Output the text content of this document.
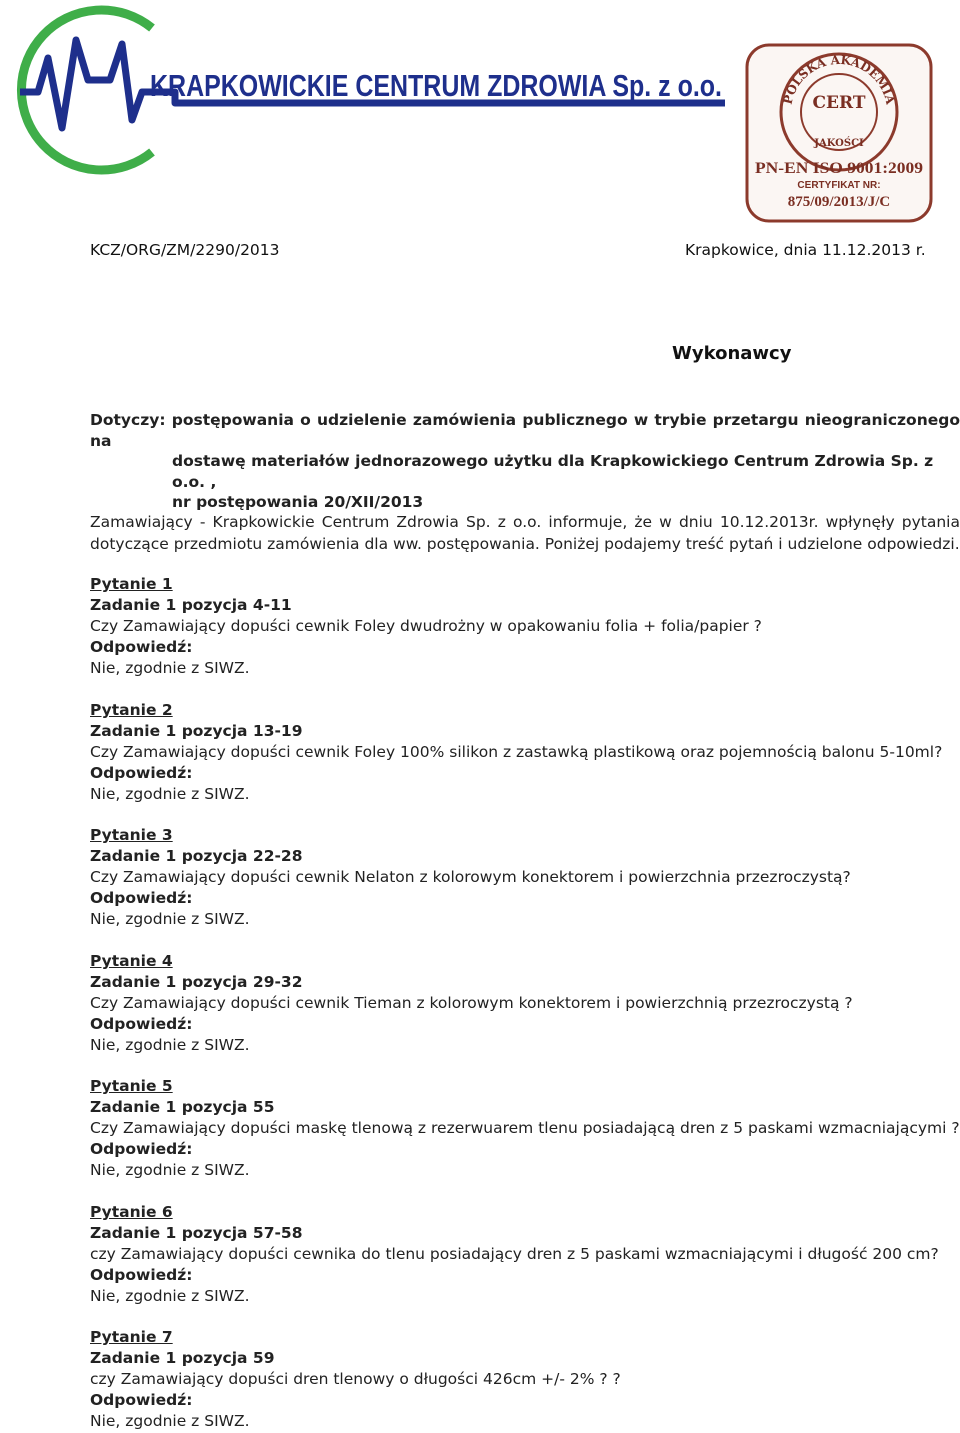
KRAPKOWICKIE CENTRUM ZDROWIA Sp. z o.o.	POLSKA AKADEMIA
CERT
JAKOŚCI
PN-EN ISO 9001:2009
CERTYFIKAT NR:
875/09/2013/J/C
KCZ/ORG/ZM/2290/2013	Krapkowice, dnia 11.12.2013 r.
Wykonawcy
Dotyczy: postępowania o udzielenie zamówienia publicznego w trybie przetargu nieograniczonego na
dostawę materiałów jednorazowego użytku dla Krapkowickiego Centrum Zdrowia Sp. z o.o. ,
nr postępowania 20/XII/2013
Zamawiający - Krapkowickie Centrum Zdrowia Sp. z o.o. informuje, że w dniu 10.12.2013r. wpłynęły pytania dotyczące przedmiotu zamówienia dla ww. postępowania. Poniżej podajemy treść pytań i udzielone odpowiedzi.
Pytanie 1
Zadanie 1 pozycja 4-11
Czy Zamawiający dopuści cewnik Foley dwudrożny w opakowaniu folia + folia/papier ?
Odpowiedź:
Nie, zgodnie z SIWZ.
Pytanie 2
Zadanie 1 pozycja 13-19
Czy Zamawiający dopuści cewnik Foley 100% silikon z zastawką plastikową oraz pojemnością balonu 5-10ml?
Odpowiedź:
Nie, zgodnie z SIWZ.
Pytanie 3
Zadanie 1 pozycja 22-28
Czy Zamawiający dopuści cewnik Nelaton z kolorowym konektorem i powierzchnia przezroczystą?
Odpowiedź:
Nie, zgodnie z SIWZ.
Pytanie 4
Zadanie 1 pozycja 29-32
Czy Zamawiający dopuści cewnik Tieman z kolorowym konektorem i powierzchnią przezroczystą ?
Odpowiedź:
Nie, zgodnie z SIWZ.
Pytanie 5
Zadanie 1 pozycja 55
Czy Zamawiający dopuści maskę tlenową z rezerwuarem tlenu posiadającą dren z 5 paskami wzmacniającymi ?
Odpowiedź:
Nie, zgodnie z SIWZ.
Pytanie 6
Zadanie 1 pozycja 57-58
czy Zamawiający dopuści cewnika do tlenu posiadający dren z 5 paskami wzmacniającymi i długość 200 cm?
Odpowiedź:
Nie, zgodnie z SIWZ.
Pytanie 7
Zadanie 1 pozycja 59
czy Zamawiający dopuści dren tlenowy o długości 426cm +/- 2% ? ?
Odpowiedź:
Nie, zgodnie z SIWZ.
